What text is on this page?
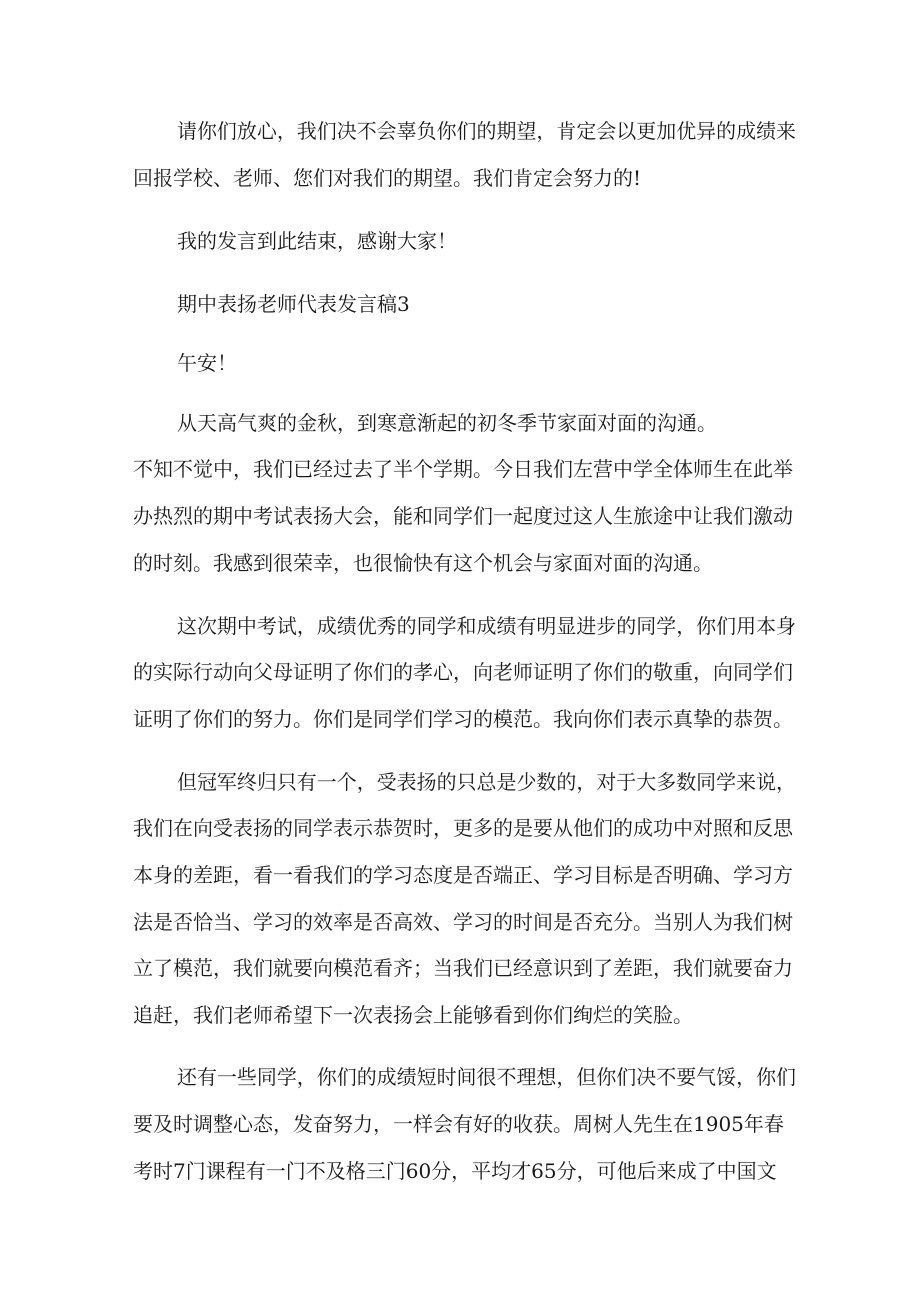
请你们放心，我们决不会辜负你们的期望，肯定会以更加优异的成绩来
回报学校、老师、您们对我们的期望。我们肯定会努力的!
我的发言到此结束，感谢大家！
期中表扬老师代表发言稿3
午安！
从天高气爽的金秋，到寒意渐起的初冬季节家面对面的沟通。
不知不觉中，我们已经过去了半个学期。今日我们左营中学全体师生在此举
办热烈的期中考试表扬大会，能和同学们一起度过这人生旅途中让我们激动
的时刻。我感到很荣幸，也很愉快有这个机会与家面对面的沟通。
这次期中考试，成绩优秀的同学和成绩有明显进步的同学，你们用本身
的实际行动向父母证明了你们的孝心，向老师证明了你们的敬重，向同学们
证明了你们的努力。你们是同学们学习的模范。我向你们表示真挚的恭贺。
但冠军终归只有一个，受表扬的只总是少数的，对于大多数同学来说，
我们在向受表扬的同学表示恭贺时，更多的是要从他们的成功中对照和反思
本身的差距，看一看我们的学习态度是否端正、学习目标是否明确、学习方
法是否恰当、学习的效率是否高效、学习的时间是否充分。当别人为我们树
立了模范，我们就要向模范看齐；当我们已经意识到了差距，我们就要奋力
追赶，我们老师希望下一次表扬会上能够看到你们绚烂的笑脸。
还有一些同学，你们的成绩短时间很不理想，但你们决不要气馁，你们
要及时调整心态，发奋努力，一样会有好的收获。周树人先生在1905年春
考时7门课程有一门不及格三门60分，平均才65分，可他后来成了中国文
